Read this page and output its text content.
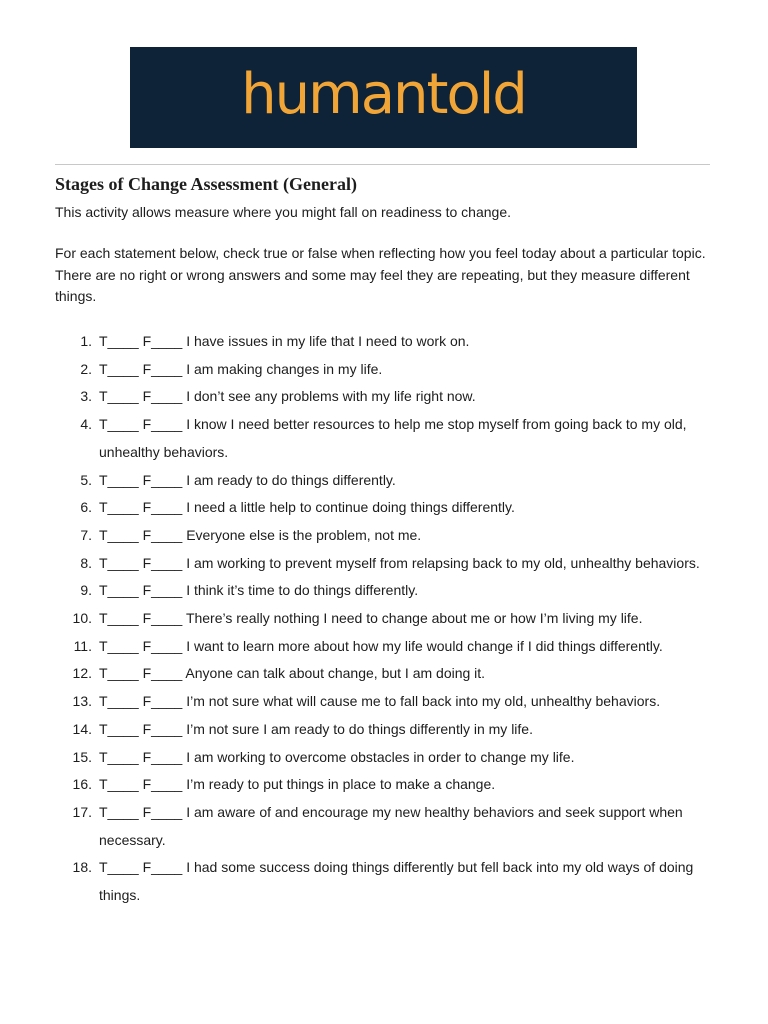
humantold
Stages of Change Assessment (General)
This activity allows measure where you might fall on readiness to change.
For each statement below, check true or false when reflecting how you feel today about a particular topic. There are no right or wrong answers and some may feel they are repeating, but they measure different things.
1. T____ F____ I have issues in my life that I need to work on.
2. T____ F____ I am making changes in my life.
3. T____ F____ I don’t see any problems with my life right now.
4. T____ F____ I know I need better resources to help me stop myself from going back to my old, unhealthy behaviors.
5. T____ F____ I am ready to do things differently.
6. T____ F____ I need a little help to continue doing things differently.
7. T____ F____ Everyone else is the problem, not me.
8. T____ F____ I am working to prevent myself from relapsing back to my old, unhealthy behaviors.
9. T____ F____ I think it’s time to do things differently.
10. T____ F____ There’s really nothing I need to change about me or how I’m living my life.
11. T____ F____ I want to learn more about how my life would change if I did things differently.
12. T____ F____ Anyone can talk about change, but I am doing it.
13. T____ F____ I’m not sure what will cause me to fall back into my old, unhealthy behaviors.
14. T____ F____ I’m not sure I am ready to do things differently in my life.
15. T____ F____ I am working to overcome obstacles in order to change my life.
16. T____ F____ I’m ready to put things in place to make a change.
17. T____ F____ I am aware of and encourage my new healthy behaviors and seek support when necessary.
18. T____ F____ I had some success doing things differently but fell back into my old ways of doing things.
